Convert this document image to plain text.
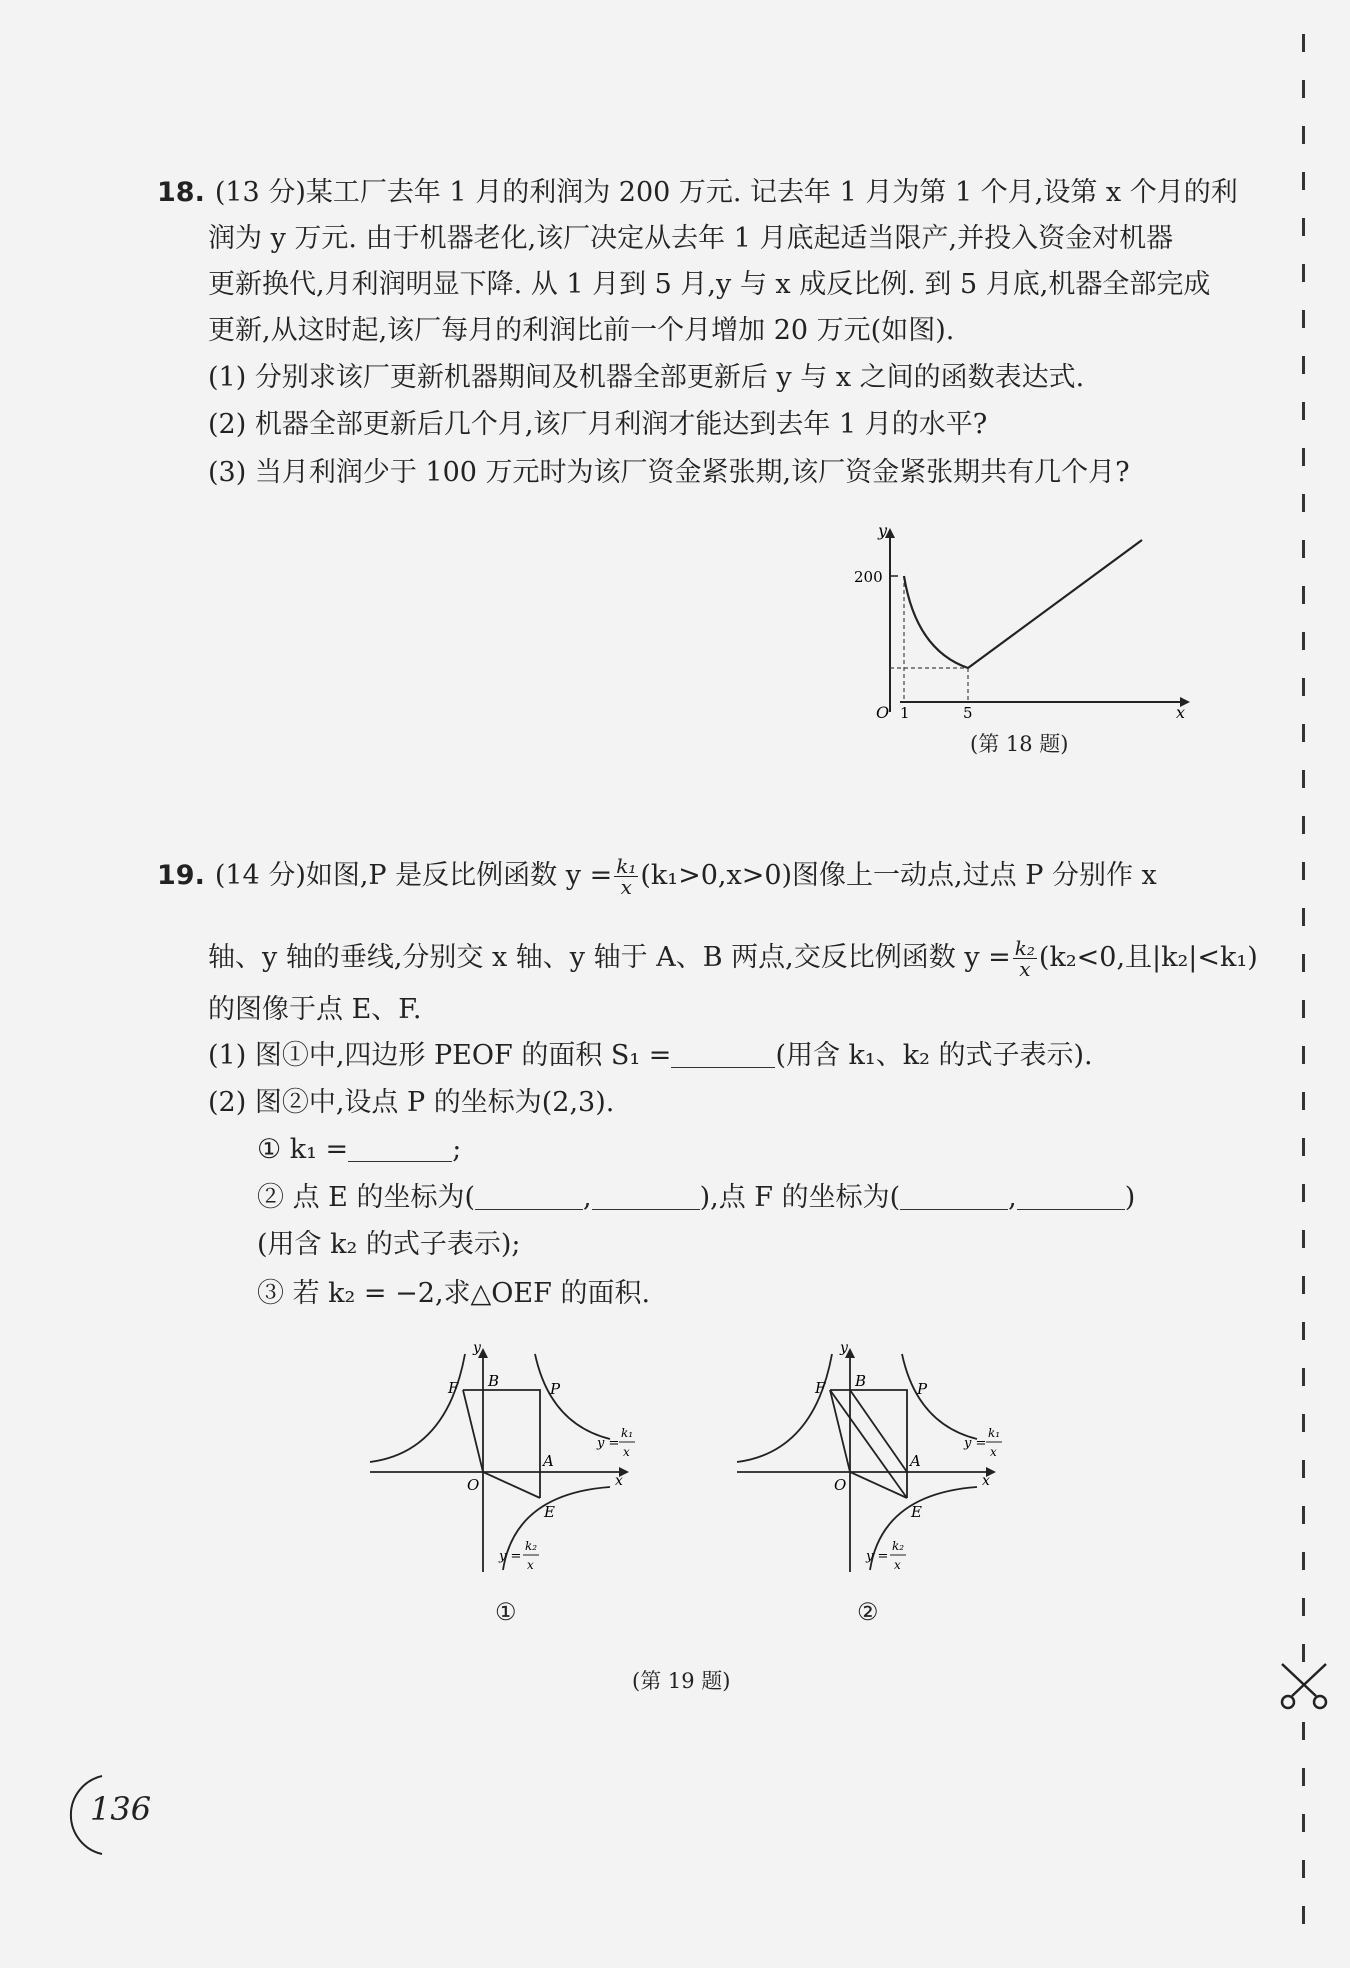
18. (13 分)某工厂去年 1 月的利润为 200 万元. 记去年 1 月为第 1 个月,设第 x 个月的利
润为 y 万元. 由于机器老化,该厂决定从去年 1 月底起适当限产,并投入资金对机器
更新换代,月利润明显下降. 从 1 月到 5 月,y 与 x 成反比例. 到 5 月底,机器全部完成
更新,从这时起,该厂每月的利润比前一个月增加 20 万元(如图).
(1) 分别求该厂更新机器期间及机器全部更新后 y 与 x 之间的函数表达式.
(2) 机器全部更新后几个月,该厂月利润才能达到去年 1 月的水平?
(3) 当月利润少于 100 万元时为该厂资金紧张期,该厂资金紧张期共有几个月?
y
200
O 1	5	x
(第 18 题)
19. (14 分)如图,P 是反比例函数 $y = \frac{\text{k₁}}{x} (k_1>0,x>0)$图像上一动点,过点 P 分别作 x
轴、y 轴的垂线,分别交 x 轴、y 轴于 A、B 两点,交反比例函数 $y = \frac{\text{k₂}}{x} (k_2<0$,且|k₂|<k₁)
的图像于点 E、F.
(1) 图①中,四边形 PEOF 的面积 S₁ =	(用含 k₁、k₂ 的式子表示).
(2) 图②中,设点 P 的坐标为(2,3).
① k₁ =	;
② 点 E 的坐标为(	,	),点 F 的坐标为(	,	)
(用含 k₂ 的式子表示);
③ 若 k₂ = −2,求△OEF 的面积.
y
F B	P
A
O
E
x
y =
k₁
x
y =
k₂
x
①
y
F B	P
A
O
E
x
y =
k₁
x
y =
k₂
x
②
(第 19 题)
136
